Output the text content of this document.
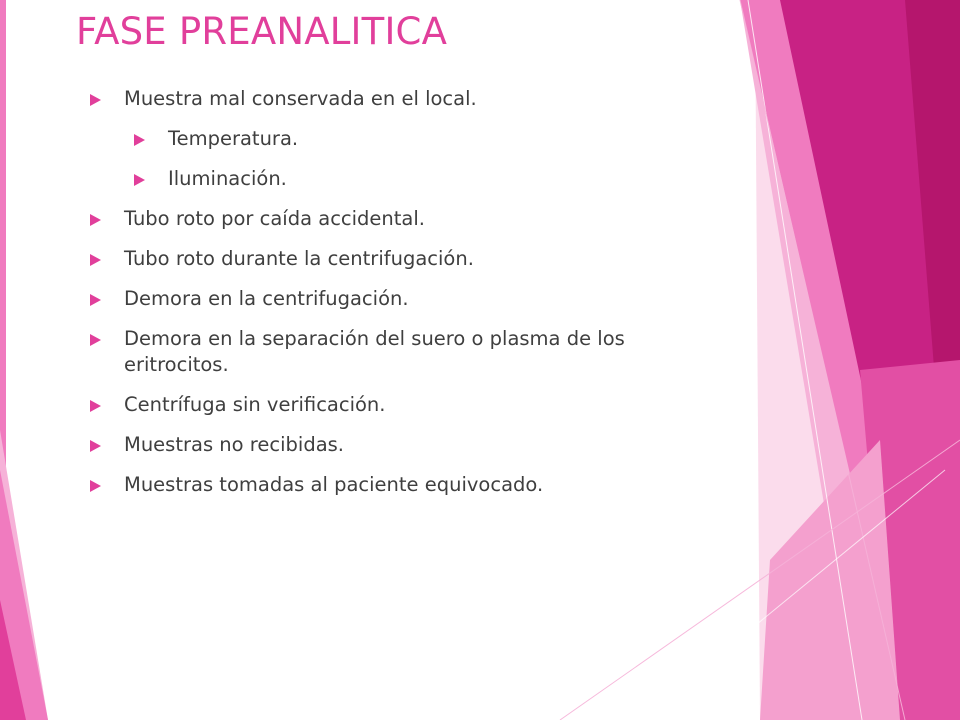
FASE PREANALITICA
Muestra mal conservada en el local.
Temperatura.
Iluminación.
Tubo roto por caída accidental.
Tubo roto durante la centrifugación.
Demora en la centrifugación.
Demora en la separación del suero o plasma de los eritrocitos.
Centrífuga sin verificación.
Muestras no recibidas.
Muestras tomadas al paciente equivocado.
